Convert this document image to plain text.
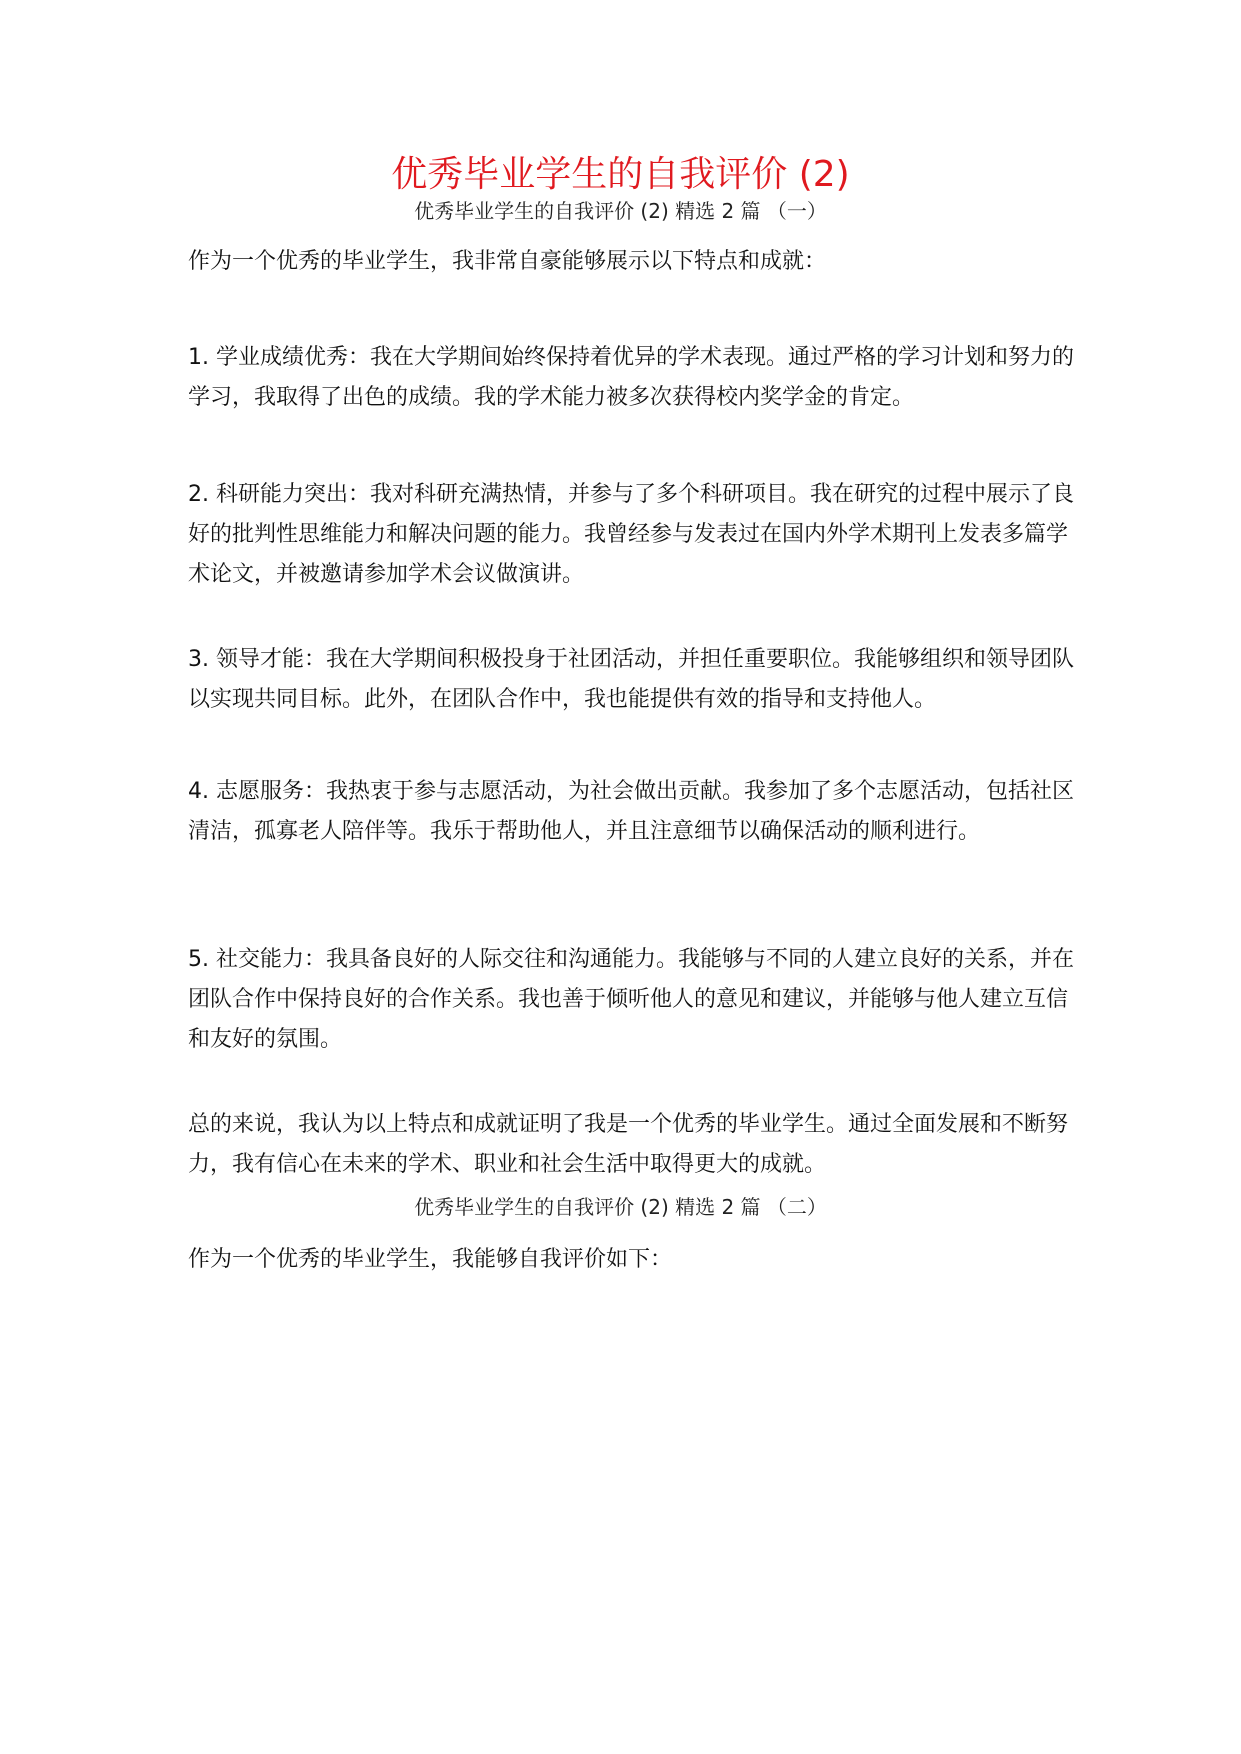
优秀毕业学生的自我评价 (2)

优秀毕业学生的自我评价 (2) 精选 2 篇 （一）

作为一个优秀的毕业学生，我非常自豪能够展示以下特点和成就：

1. 学业成绩优秀：我在大学期间始终保持着优异的学术表现。通过严格的学习计划和努力的学习，我取得了出色的成绩。我的学术能力被多次获得校内奖学金的肯定。

2. 科研能力突出：我对科研充满热情，并参与了多个科研项目。我在研究的过程中展示了良好的批判性思维能力和解决问题的能力。我曾经参与发表过在国内外学术期刊上发表多篇学术论文，并被邀请参加学术会议做演讲。

3. 领导才能：我在大学期间积极投身于社团活动，并担任重要职位。我能够组织和领导团队以实现共同目标。此外，在团队合作中，我也能提供有效的指导和支持他人。

4. 志愿服务：我热衷于参与志愿活动，为社会做出贡献。我参加了多个志愿活动，包括社区清洁，孤寡老人陪伴等。我乐于帮助他人，并且注意细节以确保活动的顺利进行。

5. 社交能力：我具备良好的人际交往和沟通能力。我能够与不同的人建立良好的关系，并在团队合作中保持良好的合作关系。我也善于倾听他人的意见和建议，并能够与他人建立互信和友好的氛围。

总的来说，我认为以上特点和成就证明了我是一个优秀的毕业学生。通过全面发展和不断努力，我有信心在未来的学术、职业和社会生活中取得更大的成就。

优秀毕业学生的自我评价 (2) 精选 2 篇 （二）

作为一个优秀的毕业学生，我能够自我评价如下：
